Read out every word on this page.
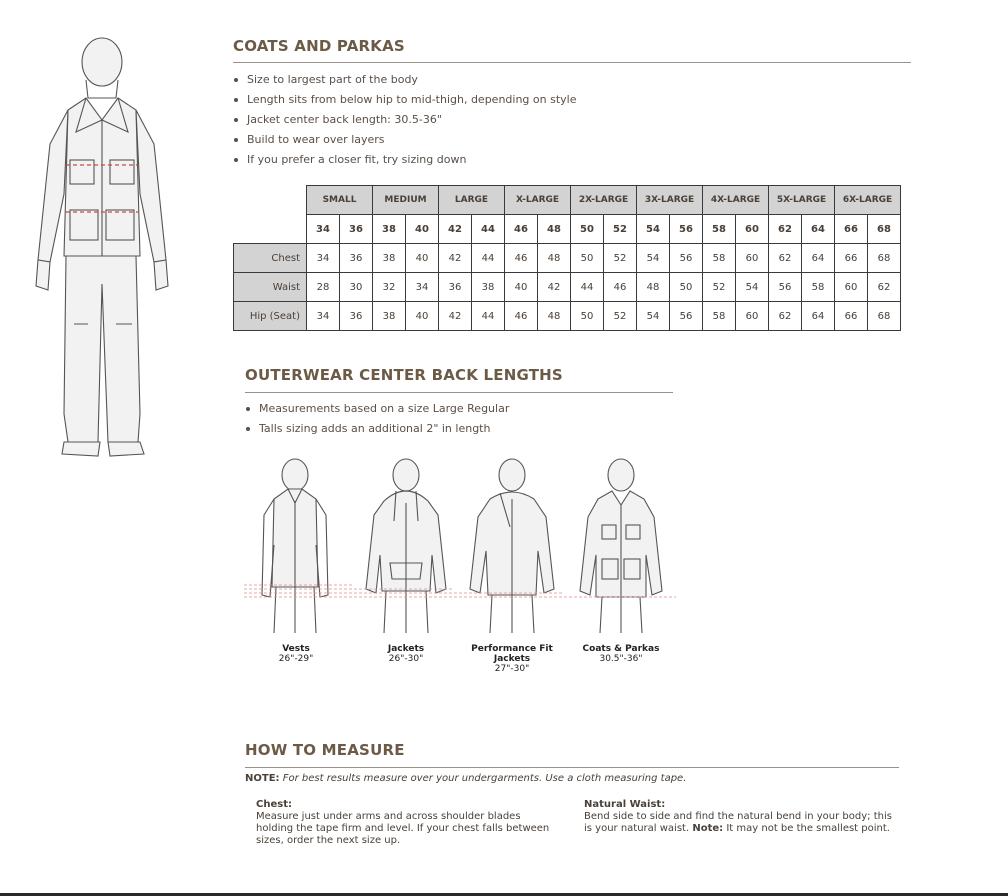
COATS AND PARKAS
Size to largest part of the body
Length sits from below hip to mid-thigh, depending on style
Jacket center back length: 30.5-36"
Build to wear over layers
If you prefer a closer fit, try sizing down
	SMALL		MEDIUM		LARGE		X-LARGE		2X-LARGE		3X-LARGE		4X-LARGE		5X-LARGE		6X-LARGE	
	34	36	38	40	42	44	46	48	50	52	54	56	58	60	62	64	66	68
Chest	34	36	38	40	42	44	46	48	50	52	54	56	58	60	62	64	66	68
Waist	28	30	32	34	36	38	40	42	44	46	48	50	52	54	56	58	60	62
Hip (Seat)	34	36	38	40	42	44	46	48	50	52	54	56	58	60	62	64	66	68
OUTERWEAR CENTER BACK LENGTHS
Measurements based on a size Large Regular
Talls sizing adds an additional 2" in length
Vests
26"-29"
Jackets
26"-30"
Performance Fit Jackets
27"-30"
Coats & Parkas
30.5"-36"
HOW TO MEASURE
NOTE: For best results measure over your undergarments. Use a cloth measuring tape.
Chest:
Measure just under arms and across shoulder blades holding the tape firm and level. If your chest falls between sizes, order the next size up.
Natural Waist:
Bend side to side and find the natural bend in your body; this is your natural waist. Note: It may not be the smallest point.
